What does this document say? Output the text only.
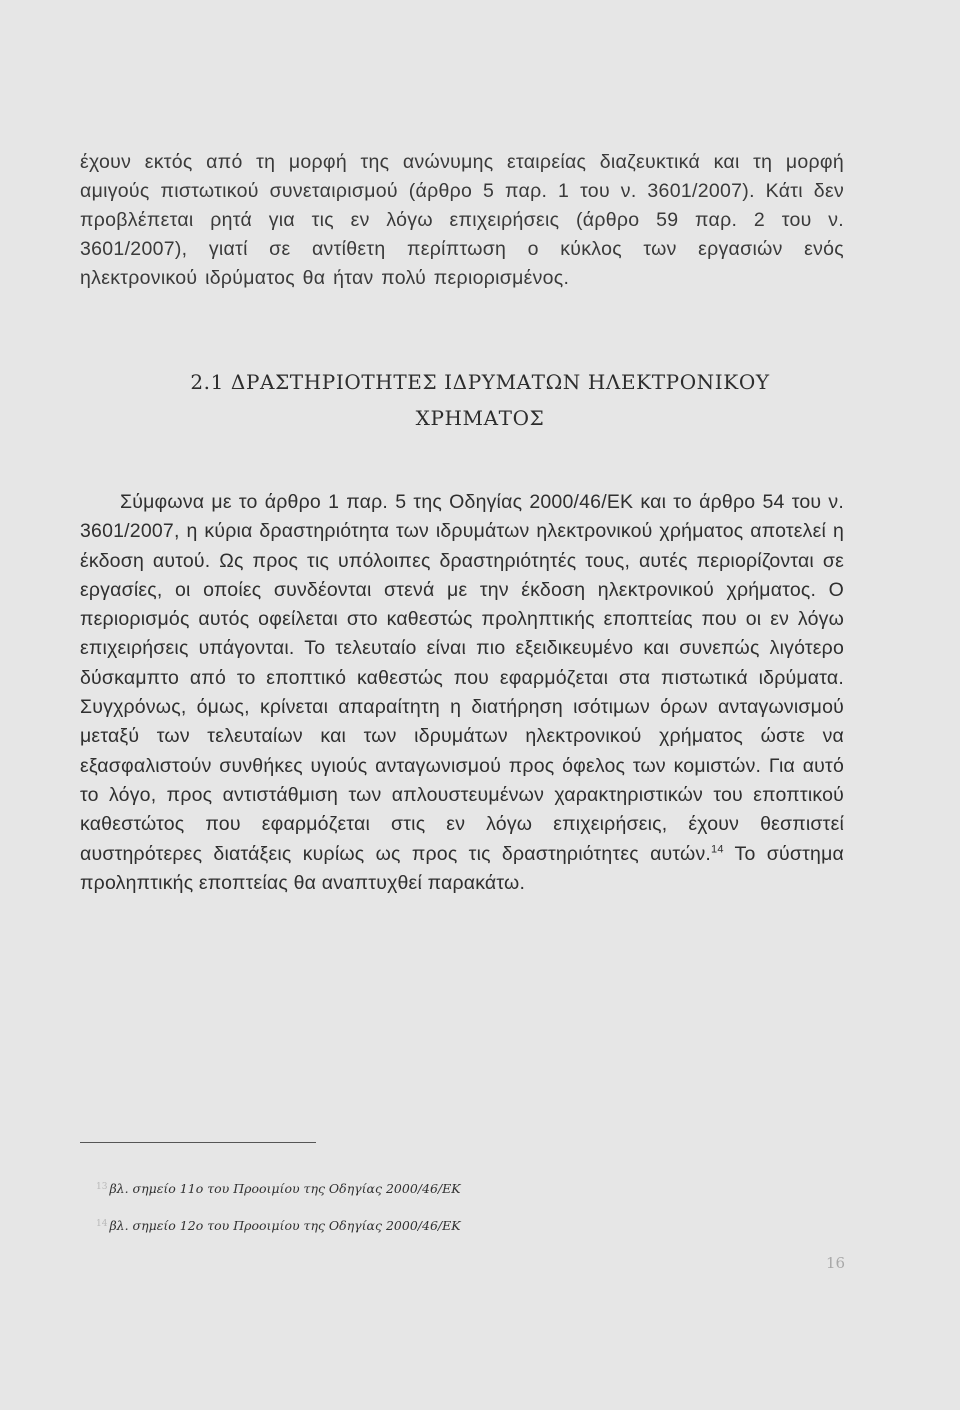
έχουν εκτός από τη μορφή της ανώνυμης εταιρείας διαζευκτικά και τη μορφή αμιγούς πιστωτικού συνεταιρισμού (άρθρο 5 παρ. 1 του ν. 3601/2007). Κάτι δεν προβλέπεται ρητά για τις εν λόγω επιχειρήσεις (άρθρο 59 παρ. 2 του ν. 3601/2007), γιατί σε αντίθετη περίπτωση ο κύκλος των εργασιών ενός ηλεκτρονικού ιδρύματος θα ήταν πολύ περιορισμένος.

2.1 ΔΡΑΣΤΗΡΙΟΤΗΤΕΣ ΙΔΡΥΜΑΤΩΝ ΗΛΕΚΤΡΟΝΙΚΟΥ

ΧΡΗΜΑΤΟΣ

Σύμφωνα με το άρθρο 1 παρ. 5 της Οδηγίας 2000/46/ΕΚ και το άρθρο 54 του ν. 3601/2007, η κύρια δραστηριότητα των ιδρυμάτων ηλεκτρονικού χρήματος αποτελεί η έκδοση αυτού. Ως προς τις υπόλοιπες δραστηριότητές τους, αυτές περιορίζονται σε εργασίες, οι οποίες συνδέονται στενά με την έκδοση ηλεκτρονικού χρήματος. Ο περιορισμός αυτός οφείλεται στο καθεστώς προληπτικής εποπτείας που οι εν λόγω επιχειρήσεις υπάγονται. Το τελευταίο είναι πιο εξειδικευμένο και συνεπώς λιγότερο δύσκαμπτο από το εποπτικό καθεστώς που εφαρμόζεται στα πιστωτικά ιδρύματα. Συγχρόνως, όμως, κρίνεται απαραίτητη η διατήρηση ισότιμων όρων ανταγωνισμού μεταξύ των τελευταίων και των ιδρυμάτων ηλεκτρονικού χρήματος ώστε να εξασφαλιστούν συνθήκες υγιούς ανταγωνισμού προς όφελος των κομιστών. Για αυτό το λόγο, προς αντιστάθμιση των απλουστευμένων χαρακτηριστικών του εποπτικού καθεστώτος που εφαρμόζεται στις εν λόγω επιχειρήσεις, έχουν θεσπιστεί αυστηρότερες διατάξεις κυρίως ως προς τις δραστηριότητες αυτών.$^{14}$ Το σύστημα προληπτικής εποπτείας θα αναπτυχθεί παρακάτω.

$^{13}$ βλ. σημείο 11ο του Προοιμίου της Οδηγίας 2000/46/ΕΚ

$^{14}$ βλ. σημείο 12ο του Προοιμίου της Οδηγίας 2000/46/ΕΚ

16
